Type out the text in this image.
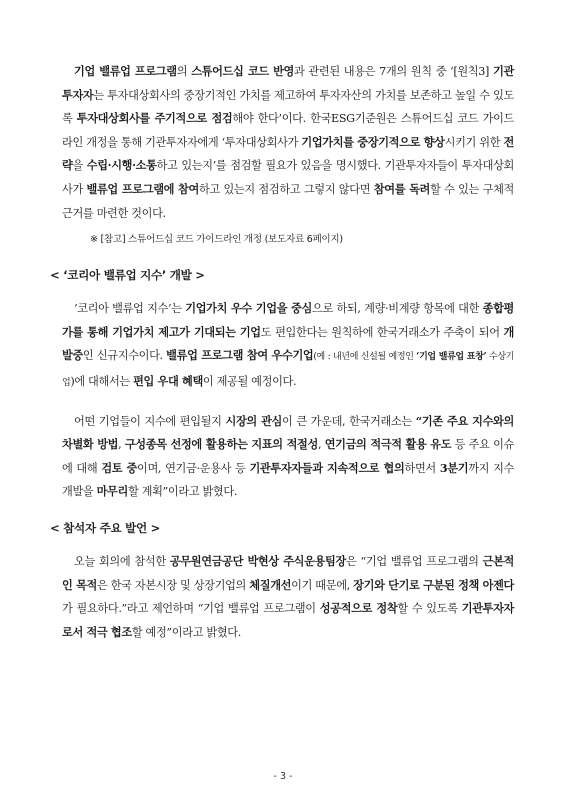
기업 밸류업 프로그램의 스튜어드십 코드 반영과 관련된 내용은 7개의 원칙 중 ‘[원칙3] 기관투자자는 투자대상회사의 중장기적인 가치를 제고하여 투자자산의 가치를 보존하고 높일 수 있도록 투자대상회사를 주기적으로 점검해야 한다’이다. 한국ESG기준원은 스튜어드십 코드 가이드라인 개정을 통해 기관투자자에게 ‘투자대상회사가 기업가치를 중장기적으로 향상시키기 위한 전략을 수립·시행·소통하고 있는지’를 점검할 필요가 있음을 명시했다. 기관투자자들이 투자대상회사가 밸류업 프로그램에 참여하고 있는지 점검하고 그렇지 않다면 참여를 독려할 수 있는 구체적 근거를 마련한 것이다.

※ [참고] 스튜어드십 코드 가이드라인 개정 (보도자료 6페이지)
< ‘코리아 밸류업 지수’ 개발 >

‘코리아 밸류업 지수’는 기업가치 우수 기업을 중심으로 하되, 계량·비계량 항목에 대한 종합평가를 통해 기업가치 제고가 기대되는 기업도 편입한다는 원칙하에 한국거래소가 주축이 되어 개발중인 신규지수이다. 밸류업 프로그램 참여 우수기업(예 : 내년에 신설될 예정인 ‘기업 밸류업 표창’ 수상기업)에 대해서는 편입 우대 혜택이 제공될 예정이다.

어떤 기업들이 지수에 편입될지 시장의 관심이 큰 가운데, 한국거래소는 “기존 주요 지수와의 차별화 방법, 구성종목 선정에 활용하는 지표의 적절성, 연기금의 적극적 활용 유도 등 주요 이슈에 대해 검토 중이며, 연기금·운용사 등 기관투자자들과 지속적으로 협의하면서 3분기까지 지수 개발을 마무리할 계획”이라고 밝혔다.

< 참석자 주요 발언 >

오늘 회의에 참석한 공무원연금공단 박현상 주식운용팀장은 “기업 밸류업 프로그램의 근본적인 목적은 한국 자본시장 및 상장기업의 체질개선이기 때문에, 장기와 단기로 구분된 정책 아젠다가 필요하다.”라고 제언하며 “기업 밸류업 프로그램이 성공적으로 정착할 수 있도록 기관투자자로서 적극 협조할 예정”이라고 밝혔다.

- 3 -
